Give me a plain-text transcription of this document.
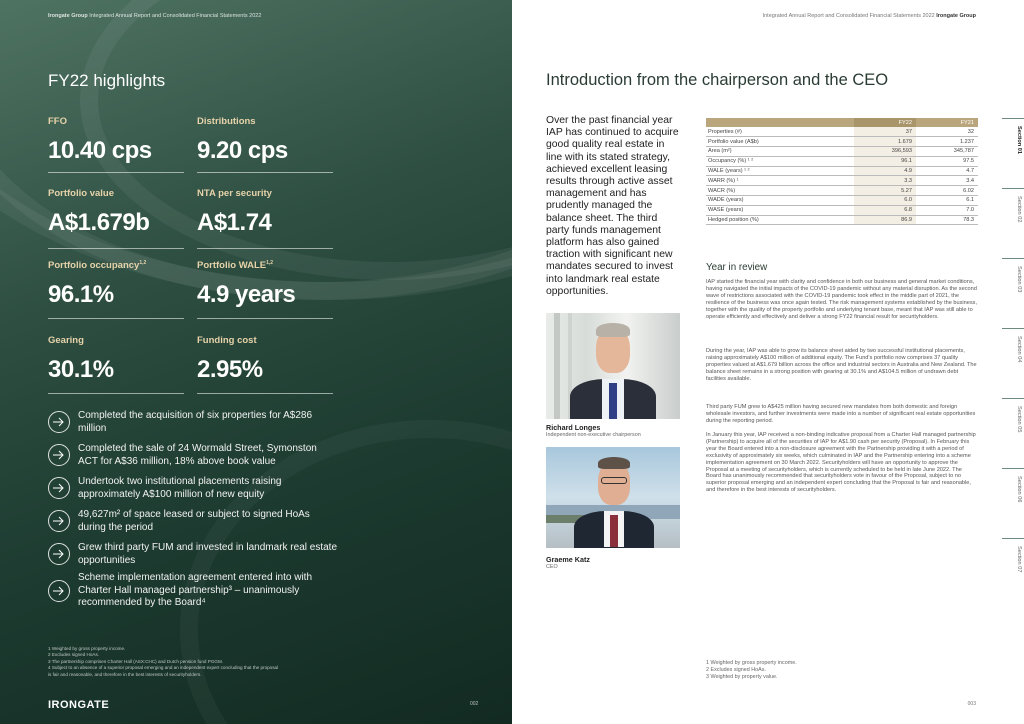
Irongate Group Integrated Annual Report and Consolidated Financial Statements 2022
FY22 highlights
FFO
10.40 cps
Distributions
9.20 cps
Portfolio value
A$1.679b
NTA per security
A$1.74
Portfolio occupancy$^{1,2}$
96.1%
Portfolio WALE$^{1,2}$
4.9 years
Gearing
30.1%
Funding cost
2.95%
Completed the acquisition of six properties for A$286 million
Completed the sale of 24 Wormald Street, Symonston ACT for A$36 million, 18% above book value
Undertook two institutional placements raising approximately A$100 million of new equity
49,627m² of space leased or subject to signed HoAs during the period
Grew third party FUM and invested in landmark real estate opportunities
Scheme implementation agreement entered into with Charter Hall managed partnership³ – unanimously recommended by the Board⁴
1 Weighted by gross property income.
2 Excludes signed HoAs.
3 The partnership comprises Charter Hall (ASX:CHC) and Dutch pension fund PGGM.
4 Subject to an absence of a superior proposal emerging and an independent expert concluding that the proposal
is fair and reasonable, and therefore in the best interests of securityholders.
IRONGATE	002
Integrated Annual Report and Consolidated Financial Statements 2022 Irongate Group
Introduction from the chairperson and the CEO
Over the past financial year IAP has continued to acquire good quality real estate in line with its stated strategy, achieved excellent leasing results through active asset management and has prudently managed the balance sheet. The third party funds management platform has also gained traction with significant new mandates secured to invest into landmark real estate opportunities.
	FY22	FY21
Properties (#)	37	32
Portfolio value (A$b)	1.679	1.237
Area (m²)	396,593	345,787
Occupancy (%) ¹ ²	96.1	97.5
WALE (years) ¹ ²	4.9	4.7
WARR (%) ¹	3.3	3.4
WACR (%)	5.27	6.02
WADE (years)	6.0	6.1
WASE (years)	6.8	7.0
Hedged position (%)	86.9	78.3
Richard Longes
Independent non-executive chairperson
Graeme Katz
CEO
Year in review
IAP started the financial year with clarity and confidence in both our business and general market conditions, having navigated the initial impacts of the COVID-19 pandemic without any material disruption. As the second wave of restrictions associated with the COVID-19 pandemic took effect in the middle part of 2021, the resilience of the business was once again tested. The risk management systems established by the business, together with the quality of the property portfolio and underlying tenant base, meant that IAP was still able to operate efficiently and effectively and deliver a strong FY22 financial result for securityholders.
During the year, IAP was able to grow its balance sheet aided by two successful institutional placements, raising approximately A$100 million of additional equity. The Fund's portfolio now comprises 37 quality properties valued at A$1.679 billion across the office and industrial sectors in Australia and New Zealand. The balance sheet remains in a strong position with gearing at 30.1% and A$104.5 million of undrawn debt facilities available.
Third party FUM grew to A$425 million having secured new mandates from both domestic and foreign wholesale investors, and further investments were made into a number of significant real estate opportunities during the reporting period.
In January this year, IAP received a non-binding indicative proposal from a Charter Hall managed partnership (Partnership) to acquire all of the securities of IAP for A$1.90 cash per security (Proposal). In February this year the Board entered into a non-disclosure agreement with the Partnership providing it with a period of exclusivity of approximately six weeks, which culminated in IAP and the Partnership entering into a scheme implementation agreement on 30 March 2022. Securityholders will have an opportunity to approve the Proposal at a meeting of securityholders, which is currently scheduled to be held in late June 2022. The Board has unanimously recommended that securityholders vote in favour of the Proposal, subject to no superior proposal emerging and an independent expert concluding that the Proposal is fair and reasonable, and therefore in the best interests of securityholders.
1 Weighted by gross property income.
2 Excludes signed HoAs.
3 Weighted by property value.
003
Section 01
Section 02
Section 03
Section 04
Section 05
Section 06
Section 07
